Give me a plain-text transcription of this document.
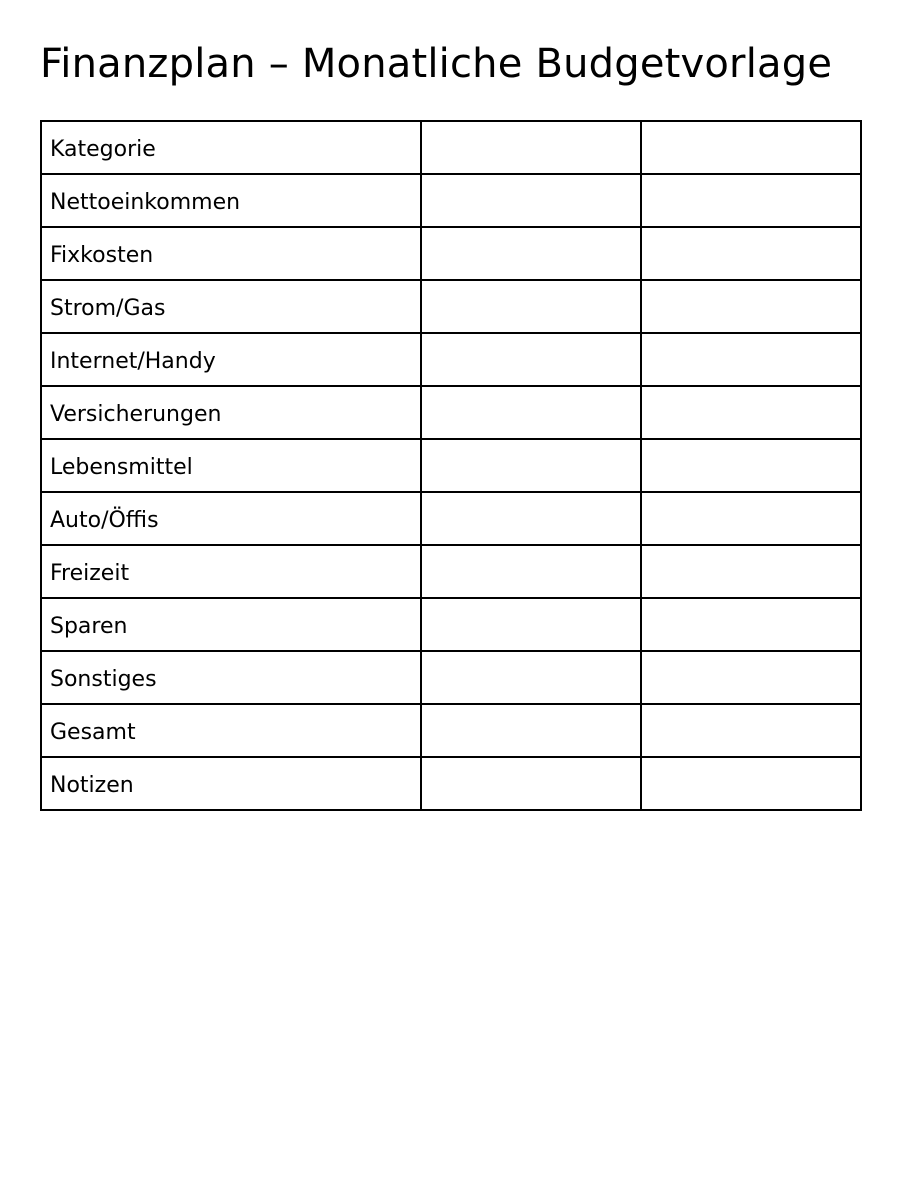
Finanzplan – Monatliche Budgetvorlage
Kategorie		
Nettoeinkommen		
Fixkosten		
Strom/Gas		
Internet/Handy		
Versicherungen		
Lebensmittel		
Auto/Öffis		
Freizeit		
Sparen		
Sonstiges		
Gesamt		
Notizen		
